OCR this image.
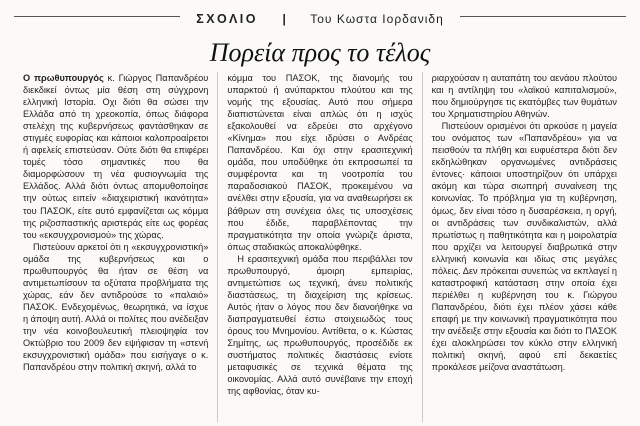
ΣΧΟΛΙΟ | Του Κωστα Ιορδανιδη
Πορεία προς το τέλος

O πρωθυπουργός κ. Γιώργος Παπανδρέου διεκδικεί όντως μία θέση στη σύγχρονη ελληνική Ιστορία. Οχι διότι θα σώσει την Ελλάδα από τη χρεοκοπία, όπως διάφορα στελέχη της κυβερνήσεως φαντάσθηκαν σε στιγμές ευφορίας και κάποιοι καλοπροαίρετοι ή αφελείς επιστεύσαν. Ούτε διότι θα επιφέρει τομές τόσο σημαντικές που θα διαμορφώσουν τη νέα φυσιογνωμία της Ελλάδος. Αλλά διότι όντως απομυθοποίησε την ούτως ειπείν «διαχειριστική ικανότητα» του ΠΑΣΟΚ, είτε αυτό εμφανίζεται ως κόμμα της ριζοσπαστικής αριστεράς είτε ως φορέας του «εκσυγχρονισμού» της χώρας.

Πιστεύουν αρκετοί ότι η «εκσυγχρονιστική» ομάδα της κυβερνήσεως και ο πρωθυπουργός θα ήταν σε θέση να αντιμετωπίσουν τα οξύτατα προβλήματα της χώρας, εάν δεν αντιδρούσε το «παλαιό» ΠΑΣΟΚ. Ενδεχομένως, θεωρητικά, να ίσχυε η άποψη αυτή. Αλλά οι πολίτες που ανέδειξαν την νέα κοινοβουλευτική πλειοψηφία τον Οκτώβριο του 2009 δεν εψήφισαν τη «στενή εκσυγχρονιστική ομάδα» που εισήγαγε ο κ. Παπανδρέου στην πολιτική σκηνή, αλλά το

κόμμα του ΠΑΣΟΚ, της διανομής του υπαρκτού ή ανύπαρκτου πλούτου και της νομής της εξουσίας. Αυτό που σήμερα διαπιστώνεται είναι απλώς ότι η ισχύς εξακολουθεί να εδρεύει στο αρχέγονο «Κίνημα» που είχε ιδρύσει ο Ανδρέας Παπανδρέου. Και όχι στην ερασιτεχνική ομάδα, που υποδύθηκε ότι εκπροσωπεί τα συμφέροντα και τη νοοτροπία του παραδοσιακού ΠΑΣΟΚ, προκειμένου να ανέλθει στην εξουσία, για να αναθεωρήσει εκ βάθρων στη συνέχεια όλες τις υποσχέσεις που έδιδε, παραβλέποντας την πραγματικότητα την οποία γνώριζε άριστα, όπως σταδιακώς αποκαλύφθηκε.

Η ερασιτεχνική ομάδα που περιβάλλει τον πρωθυπουργό, άμοιρη εμπειρίας, αντιμετώπισε ως τεχνική, άνευ πολιτικής διαστάσεως, τη διαχείριση της κρίσεως. Αυτός ήταν ο λόγος που δεν διανοήθηκε να διαπραγματευθεί έστω στοιχειωδώς τους όρους του Μνημονίου. Αντίθετα, ο κ. Κώστας Σημίτης, ως πρωθυπουργός, προσέδιδε εκ συστήματος πολιτικές διαστάσεις ενίοτε μεταφυσικές σε τεχνικά θέματα της οικονομίας. Αλλά αυτό συνέβαινε την εποχή της αφθονίας, όταν κυ-

ριαρχούσαν η αυταπάτη του αενάου πλούτου και η αντίληψη του «λαϊκού καπιταλισμού», που δημιούργησε τις εκατόμβες των θυμάτων του Χρηματιστηρίου Αθηνών.

Πιστεύουν ορισμένοι ότι αρκούσε η μαγεία του ονόματος των «Παπανδρέου» για να πεισθούν τα πλήθη και ευφυέστερα διότι δεν εκδηλώθηκαν οργανωμένες αντιδράσεις έντονες· κάποιοι υποστηρίζουν ότι υπάρχει ακόμη και τώρα σιωπηρή συναίνεση της κοινωνίας. Το πρόβλημα για τη κυβέρνηση, όμως, δεν είναι τόσο η δυσαρέσκεια, η οργή, οι αντιδράσεις των συνδικαλιστών, αλλά πρωτίστως η παθητικότητα και η μοιρολατρία που αρχίζει να λειτουργεί διαβρωτικά στην ελληνική κοινωνία και ιδίως στις μεγάλες πόλεις. Δεν πρόκειται συνεπώς να εκπλαγεί η καταστροφική κατάσταση στην οποία έχει περιέλθει η κυβέρνηση του κ. Γιώργου Παπανδρέου, διότι έχει πλέον χάσει κάθε επαφή με την κοινωνική πραγματικότητα που την ανέδειξε στην εξουσία και διότι το ΠΑΣΟΚ έχει αλοκληρώσει τον κύκλο στην ελληνική πολιτική σκηνή, αφού επί δεκαετίες προκάλεσε μείζονα αναστάτωση.
